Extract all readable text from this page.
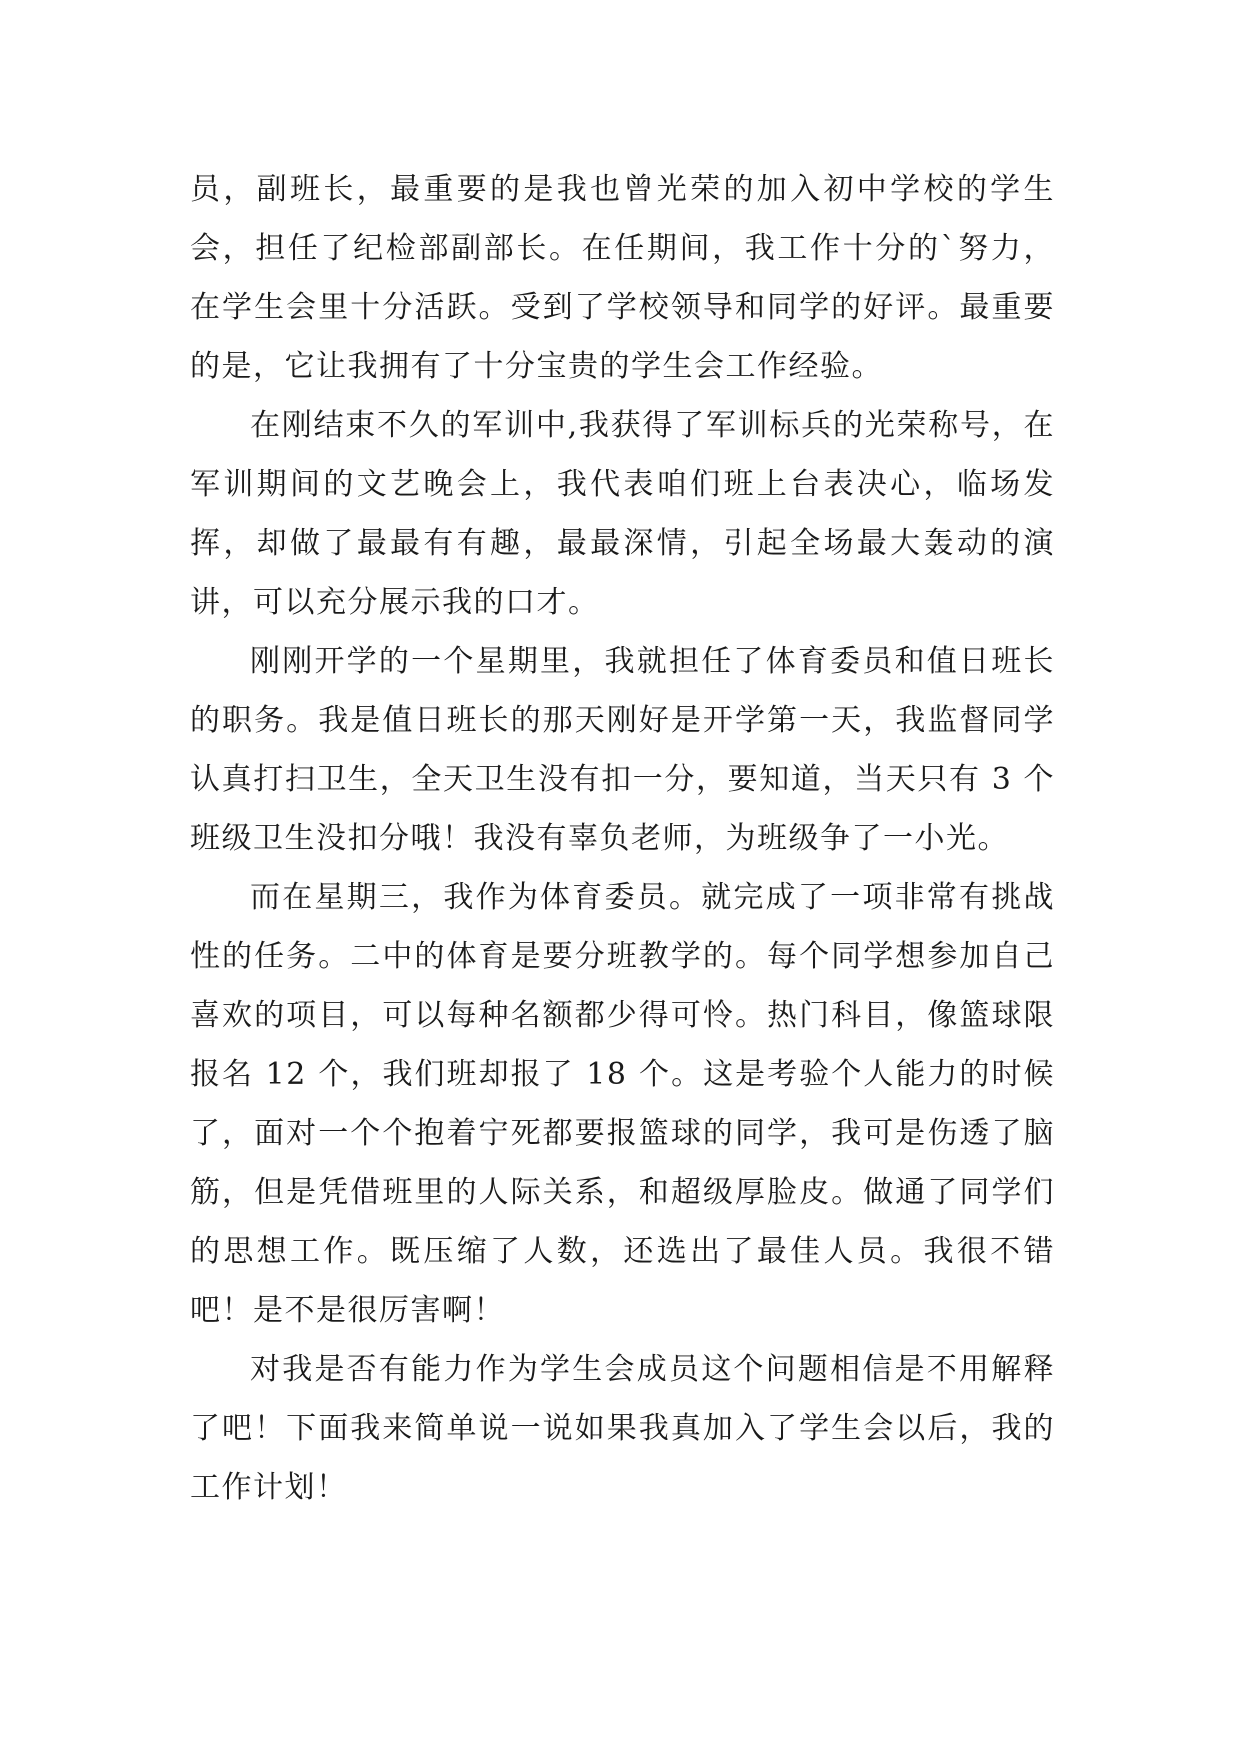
员，副班长，最重要的是我也曾光荣的加入初中学校的学生会，担任了纪检部副部长。在任期间，我工作十分的`努力，在学生会里十分活跃。受到了学校领导和同学的好评。最重要的是，它让我拥有了十分宝贵的学生会工作经验。

在刚结束不久的军训中,我获得了军训标兵的光荣称号，在军训期间的文艺晚会上，我代表咱们班上台表决心，临场发挥，却做了最最有有趣，最最深情，引起全场最大轰动的演讲，可以充分展示我的口才。

刚刚开学的一个星期里，我就担任了体育委员和值日班长的职务。我是值日班长的那天刚好是开学第一天，我监督同学认真打扫卫生，全天卫生没有扣一分，要知道，当天只有 3 个班级卫生没扣分哦！我没有辜负老师，为班级争了一小光。

而在星期三，我作为体育委员。就完成了一项非常有挑战性的任务。二中的体育是要分班教学的。每个同学想参加自己喜欢的项目，可以每种名额都少得可怜。热门科目，像篮球限报名 12 个，我们班却报了 18 个。这是考验个人能力的时候了，面对一个个抱着宁死都要报篮球的同学，我可是伤透了脑筋，但是凭借班里的人际关系，和超级厚脸皮。做通了同学们的思想工作。既压缩了人数，还选出了最佳人员。我很不错吧！是不是很厉害啊！

对我是否有能力作为学生会成员这个问题相信是不用解释了吧！下面我来简单说一说如果我真加入了学生会以后，我的工作计划！
